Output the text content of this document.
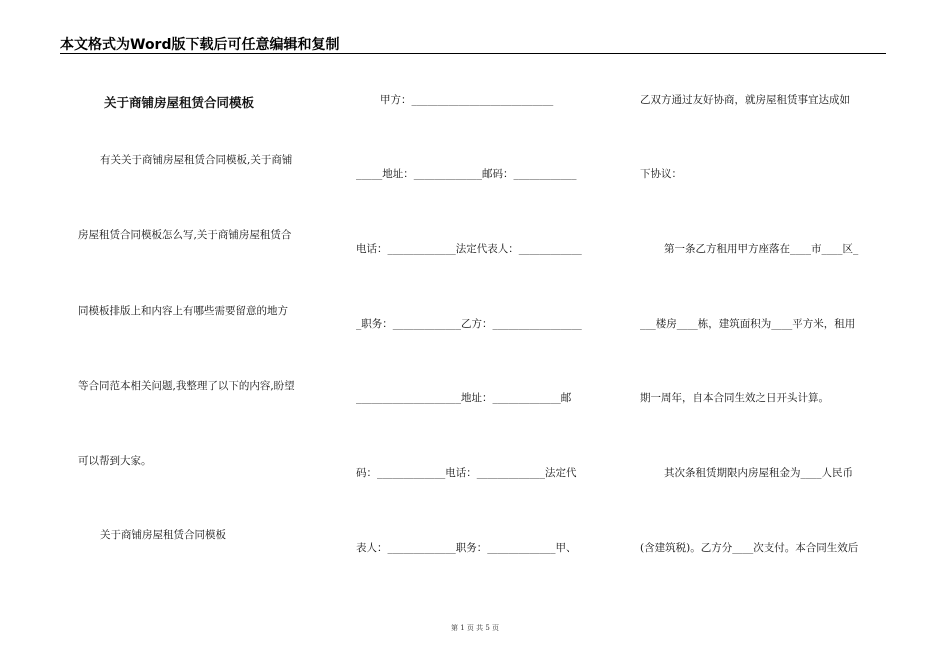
本文格式为Word版下载后可任意编辑和复制
关于商铺房屋租赁合同模板
有关关于商铺房屋租赁合同模板,关于商铺
房屋租赁合同模板怎么写,关于商铺房屋租赁合
同模板排版上和内容上有哪些需要留意的地方
等合同范本相关问题,我整理了以下的内容,盼望
可以帮到大家。
关于商铺房屋租赁合同模板
甲方：___________________________
_____地址：_____________邮码：____________
电话：_____________法定代表人：____________
_职务：_____________乙方：_________________
____________________地址：_____________邮
码：_____________电话：_____________法定代
表人：_____________职务：_____________甲、
乙双方通过友好协商，就房屋租赁事宜达成如
下协议：
第一条乙方租用甲方座落在____市____区_
___楼房____栋，建筑面积为____平方米，租用
期一周年，自本合同生效之日开头计算。
其次条租赁期限内房屋租金为____人民币
(含建筑税)。乙方分____次支付。本合同生效后
第 1 页 共 5 页
